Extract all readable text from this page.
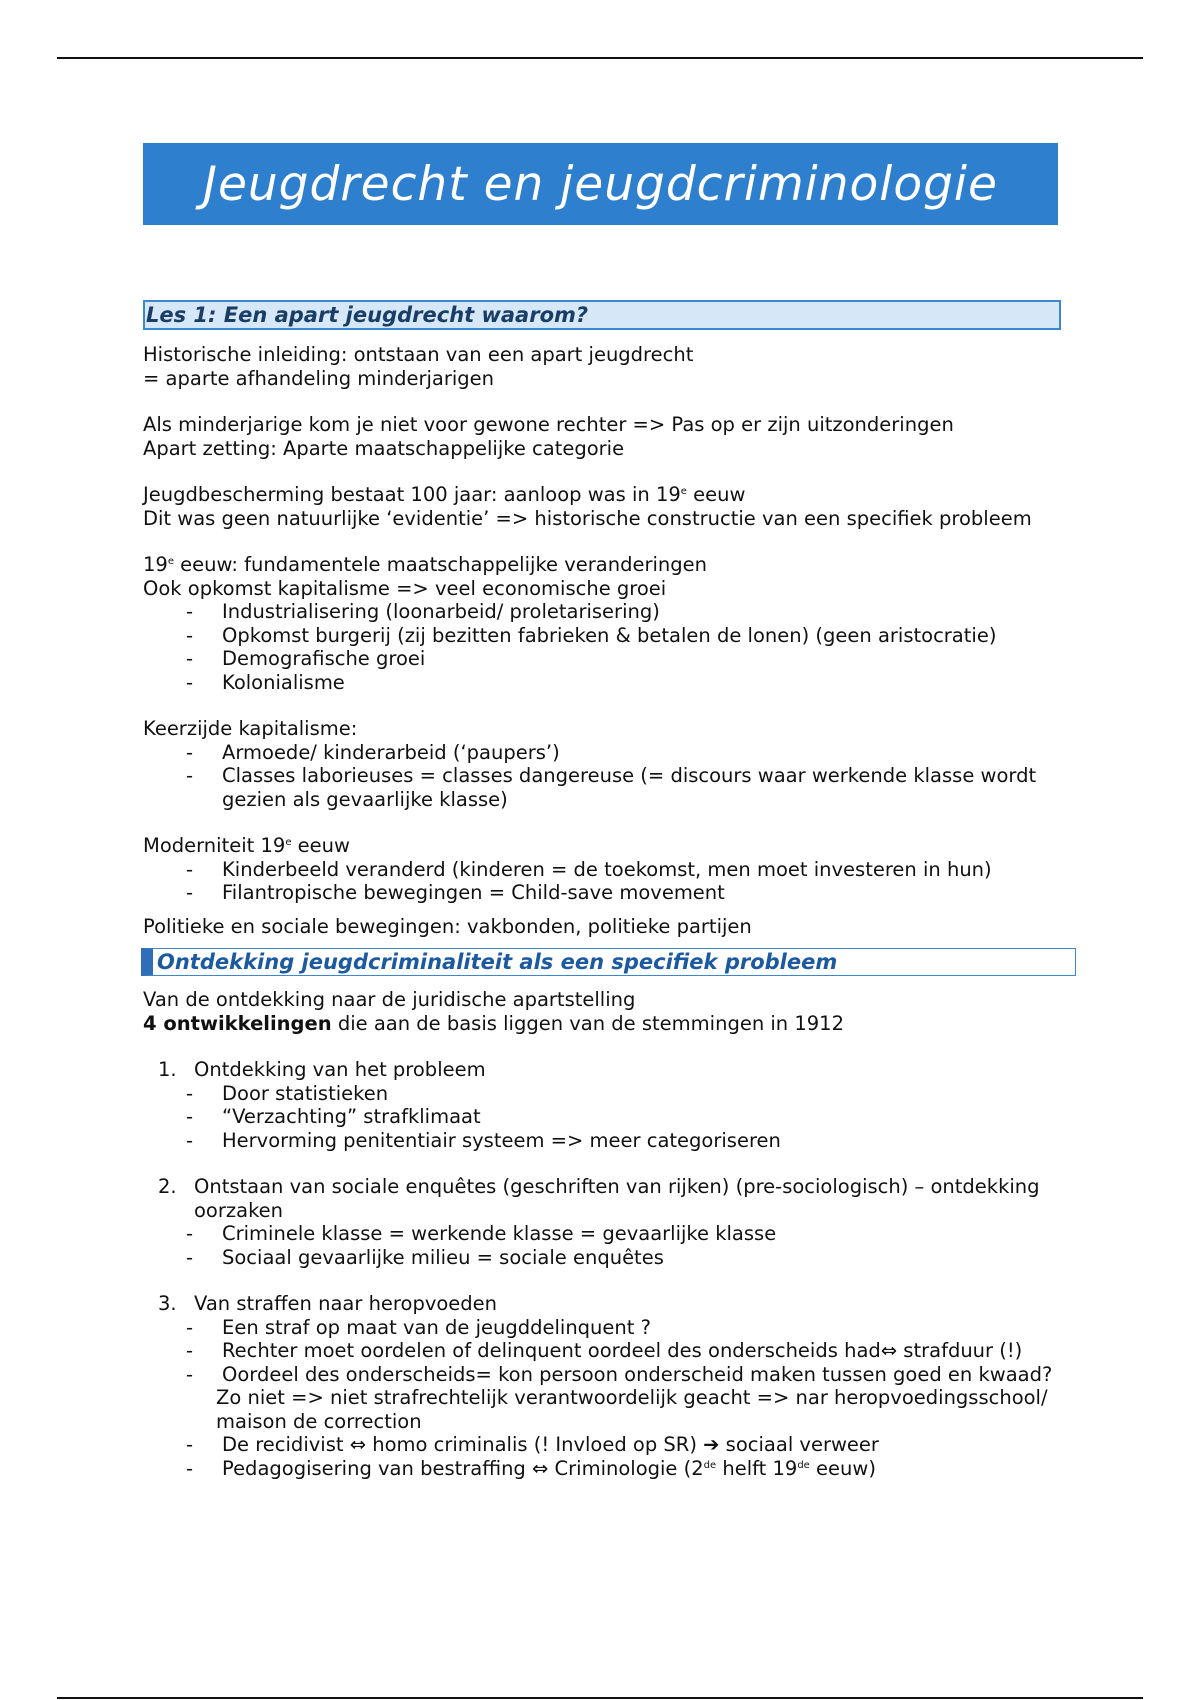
Jeugdrecht en jeugdcriminologie
Les 1: Een apart jeugdrecht waarom?

Historische inleiding: ontstaan van een apart jeugdrecht

= aparte afhandeling minderjarigen

Als minderjarige kom je niet voor gewone rechter => Pas op er zijn uitzonderingen

Apart zetting: Aparte maatschappelijke categorie

Jeugdbescherming bestaat 100 jaar: aanloop was in 19e eeuw

Dit was geen natuurlijke ‘evidentie’ => historische constructie van een specifiek probleem

19e eeuw: fundamentele maatschappelijke veranderingen

Ook opkomst kapitalisme => veel economische groei

- Industrialisering (loonarbeid/ proletarisering)
- Opkomst burgerij (zij bezitten fabrieken & betalen de lonen) (geen aristocratie)
- Demografische groei
- Kolonialisme

Keerzijde kapitalisme:

- Armoede/ kinderarbeid (‘paupers’)
- Classes laborieuses = classes dangereuse (= discours waar werkende klasse wordt gezien als gevaarlijke klasse)

Moderniteit 19e eeuw

- Kinderbeeld veranderd (kinderen = de toekomst, men moet investeren in hun)
- Filantropische bewegingen = Child-save movement

Politieke en sociale bewegingen: vakbonden, politieke partijen

Ontdekking jeugdcriminaliteit als een specifiek probleem

Van de ontdekking naar de juridische apartstelling

4 ontwikkelingen die aan de basis liggen van de stemmingen in 1912

1. Ontdekking van het probleem
- Door statistieken
- “Verzachting” strafklimaat
- Hervorming penitentiair systeem => meer categoriseren
2. Ontstaan van sociale enquêtes (geschriften van rijken) (pre-sociologisch) – ontdekking oorzaken
- Criminele klasse = werkende klasse = gevaarlijke klasse
- Sociaal gevaarlijke milieu = sociale enquêtes
3. Van straffen naar heropvoeden
- Een straf op maat van de jeugddelinquent ?
- Rechter moet oordelen of delinquent oordeel des onderscheids had⇔ strafduur (!)
- Oordeel des onderscheids= kon persoon onderscheid maken tussen goed en kwaad?
Zo niet => niet strafrechtelijk verantwoordelijk geacht => nar heropvoedingsschool/ maison de correction
- De recidivist ⇔ homo criminalis (! Invloed op SR) ➔ sociaal verweer
- Pedagogisering van bestraffing ⇔ Criminologie (2de helft 19de eeuw)
